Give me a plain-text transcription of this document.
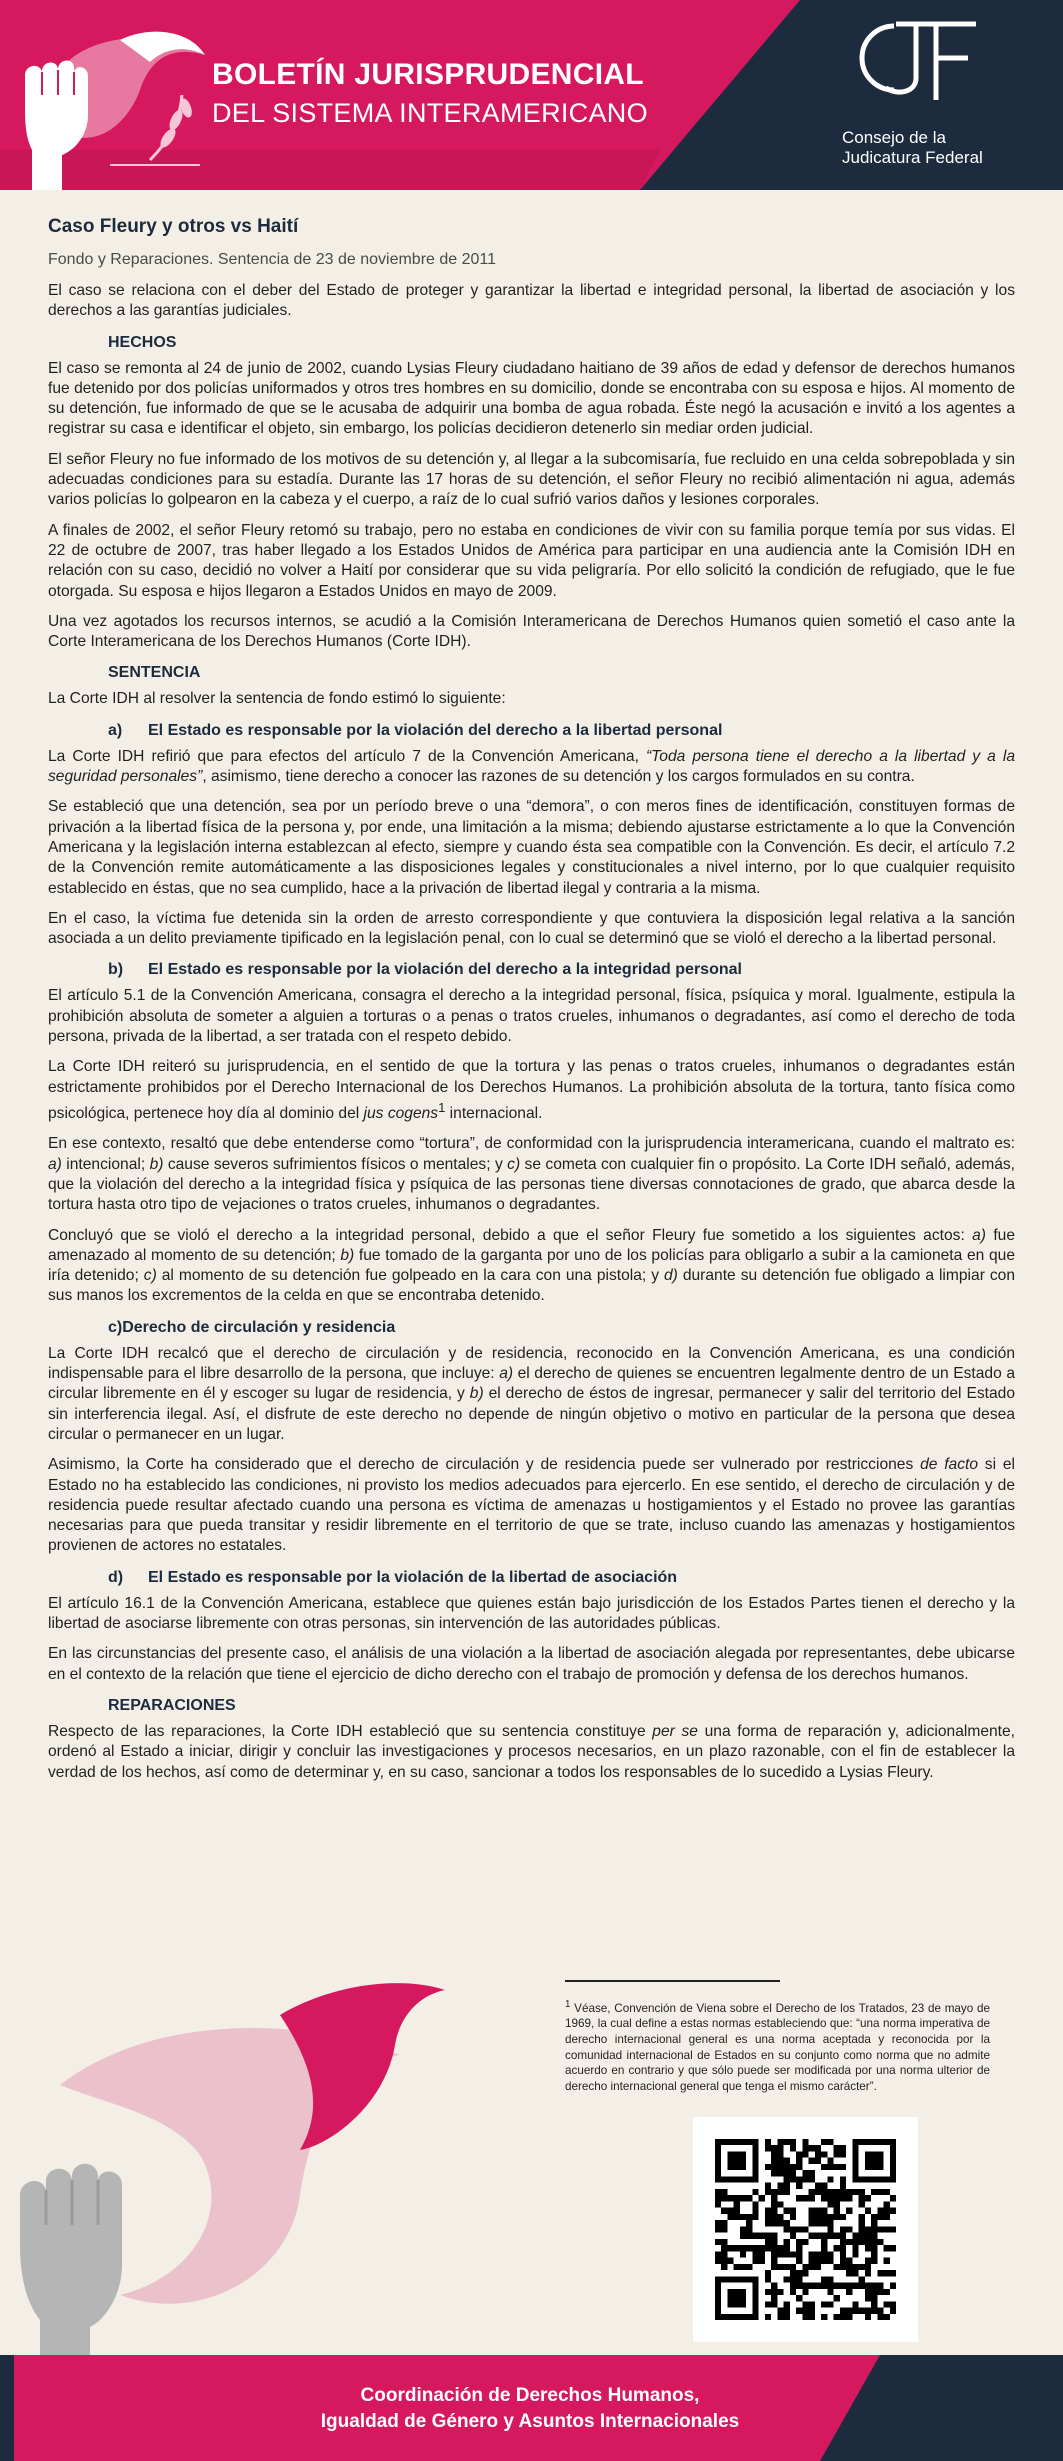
BOLETÍN JURISPRUDENCIAL
DEL SISTEMA INTERAMERICANO
Consejo de la
Judicatura Federal

Caso Fleury y otros vs Haití

Fondo y Reparaciones. Sentencia de 23 de noviembre de 2011

El caso se relaciona con el deber del Estado de proteger y garantizar la libertad e integridad personal, la libertad de asociación y los derechos a las garantías judiciales.

HECHOS

El caso se remonta al 24 de junio de 2002, cuando Lysias Fleury ciudadano haitiano de 39 años de edad y defensor de derechos humanos fue detenido por dos policías uniformados y otros tres hombres en su domicilio, donde se encontraba con su esposa e hijos. Al momento de su detención, fue informado de que se le acusaba de adquirir una bomba de agua robada. Éste negó la acusación e invitó a los agentes a registrar su casa e identificar el objeto, sin embargo, los policías decidieron detenerlo sin mediar orden judicial.

El señor Fleury no fue informado de los motivos de su detención y, al llegar a la subcomisaría, fue recluido en una celda sobrepoblada y sin adecuadas condiciones para su estadía. Durante las 17 horas de su detención, el señor Fleury no recibió alimentación ni agua, además varios policías lo golpearon en la cabeza y el cuerpo, a raíz de lo cual sufrió varios daños y lesiones corporales.

A finales de 2002, el señor Fleury retomó su trabajo, pero no estaba en condiciones de vivir con su familia porque temía por sus vidas. El 22 de octubre de 2007, tras haber llegado a los Estados Unidos de América para participar en una audiencia ante la Comisión IDH en relación con su caso, decidió no volver a Haití por considerar que su vida peligraría. Por ello solicitó la condición de refugiado, que le fue otorgada. Su esposa e hijos llegaron a Estados Unidos en mayo de 2009.

Una vez agotados los recursos internos, se acudió a la Comisión Interamericana de Derechos Humanos quien sometió el caso ante la Corte Interamericana de los Derechos Humanos (Corte IDH).

SENTENCIA

La Corte IDH al resolver la sentencia de fondo estimó lo siguiente:

a) El Estado es responsable por la violación del derecho a la libertad personal

La Corte IDH refirió que para efectos del artículo 7 de la Convención Americana, “Toda persona tiene el derecho a la libertad y a la seguridad personales”, asimismo, tiene derecho a conocer las razones de su detención y los cargos formulados en su contra.

Se estableció que una detención, sea por un período breve o una “demora”, o con meros fines de identificación, constituyen formas de privación a la libertad física de la persona y, por ende, una limitación a la misma; debiendo ajustarse estrictamente a lo que la Convención Americana y la legislación interna establezcan al efecto, siempre y cuando ésta sea compatible con la Convención. Es decir, el artículo 7.2 de la Convención remite automáticamente a las disposiciones legales y constitucionales a nivel interno, por lo que cualquier requisito establecido en éstas, que no sea cumplido, hace a la privación de libertad ilegal y contraria a la misma.

En el caso, la víctima fue detenida sin la orden de arresto correspondiente y que contuviera la disposición legal relativa a la sanción asociada a un delito previamente tipificado en la legislación penal, con lo cual se determinó que se violó el derecho a la libertad personal.

b) El Estado es responsable por la violación del derecho a la integridad personal

El artículo 5.1 de la Convención Americana, consagra el derecho a la integridad personal, física, psíquica y moral. Igualmente, estipula la prohibición absoluta de someter a alguien a torturas o a penas o tratos crueles, inhumanos o degradantes, así como el derecho de toda persona, privada de la libertad, a ser tratada con el respeto debido.

La Corte IDH reiteró su jurisprudencia, en el sentido de que la tortura y las penas o tratos crueles, inhumanos o degradantes están estrictamente prohibidos por el Derecho Internacional de los Derechos Humanos. La prohibición absoluta de la tortura, tanto física como psicológica, pertenece hoy día al dominio del jus cogens$^1$ internacional.

En ese contexto, resaltó que debe entenderse como “tortura”, de conformidad con la jurisprudencia interamericana, cuando el maltrato es: a) intencional; b) cause severos sufrimientos físicos o mentales; y c) se cometa con cualquier fin o propósito. La Corte IDH señaló, además, que la violación del derecho a la integridad física y psíquica de las personas tiene diversas connotaciones de grado, que abarca desde la tortura hasta otro tipo de vejaciones o tratos crueles, inhumanos o degradantes.

Concluyó que se violó el derecho a la integridad personal, debido a que el señor Fleury fue sometido a los siguientes actos: a) fue amenazado al momento de su detención; b) fue tomado de la garganta por uno de los policías para obligarlo a subir a la camioneta en que iría detenido; c) al momento de su detención fue golpeado en la cara con una pistola; y d) durante su detención fue obligado a limpiar con sus manos los excrementos de la celda en que se encontraba detenido.

c)Derecho de circulación y residencia

La Corte IDH recalcó que el derecho de circulación y de residencia, reconocido en la Convención Americana, es una condición indispensable para el libre desarrollo de la persona, que incluye: a) el derecho de quienes se encuentren legalmente dentro de un Estado a circular libremente en él y escoger su lugar de residencia, y b) el derecho de éstos de ingresar, permanecer y salir del territorio del Estado sin interferencia ilegal. Así, el disfrute de este derecho no depende de ningún objetivo o motivo en particular de la persona que desea circular o permanecer en un lugar.

Asimismo, la Corte ha considerado que el derecho de circulación y de residencia puede ser vulnerado por restricciones de facto si el Estado no ha establecido las condiciones, ni provisto los medios adecuados para ejercerlo. En ese sentido, el derecho de circulación y de residencia puede resultar afectado cuando una persona es víctima de amenazas u hostigamientos y el Estado no provee las garantías necesarias para que pueda transitar y residir libremente en el territorio de que se trate, incluso cuando las amenazas y hostigamientos provienen de actores no estatales.

d) El Estado es responsable por la violación de la libertad de asociación

El artículo 16.1 de la Convención Americana, establece que quienes están bajo jurisdicción de los Estados Partes tienen el derecho y la libertad de asociarse libremente con otras personas, sin intervención de las autoridades públicas.

En las circunstancias del presente caso, el análisis de una violación a la libertad de asociación alegada por representantes, debe ubicarse en el contexto de la relación que tiene el ejercicio de dicho derecho con el trabajo de promoción y defensa de los derechos humanos.

REPARACIONES

Respecto de las reparaciones, la Corte IDH estableció que su sentencia constituye per se una forma de reparación y, adicionalmente, ordenó al Estado a iniciar, dirigir y concluir las investigaciones y procesos necesarios, en un plazo razonable, con el fin de establecer la verdad de los hechos, así como de determinar y, en su caso, sancionar a todos los responsables de lo sucedido a Lysias Fleury.

$^1$ Véase, Convención de Viena sobre el Derecho de los Tratados, 23 de mayo de 1969, la cual define a estas normas estableciendo que: “una norma imperativa de derecho internacional general es una norma aceptada y reconocida por la comunidad internacional de Estados en su conjunto como norma que no admite acuerdo en contrario y que sólo puede ser modificada por una norma ulterior de derecho internacional general que tenga el mismo carácter”.

Coordinación de Derechos Humanos,
Igualdad de Género y Asuntos Internacionales
